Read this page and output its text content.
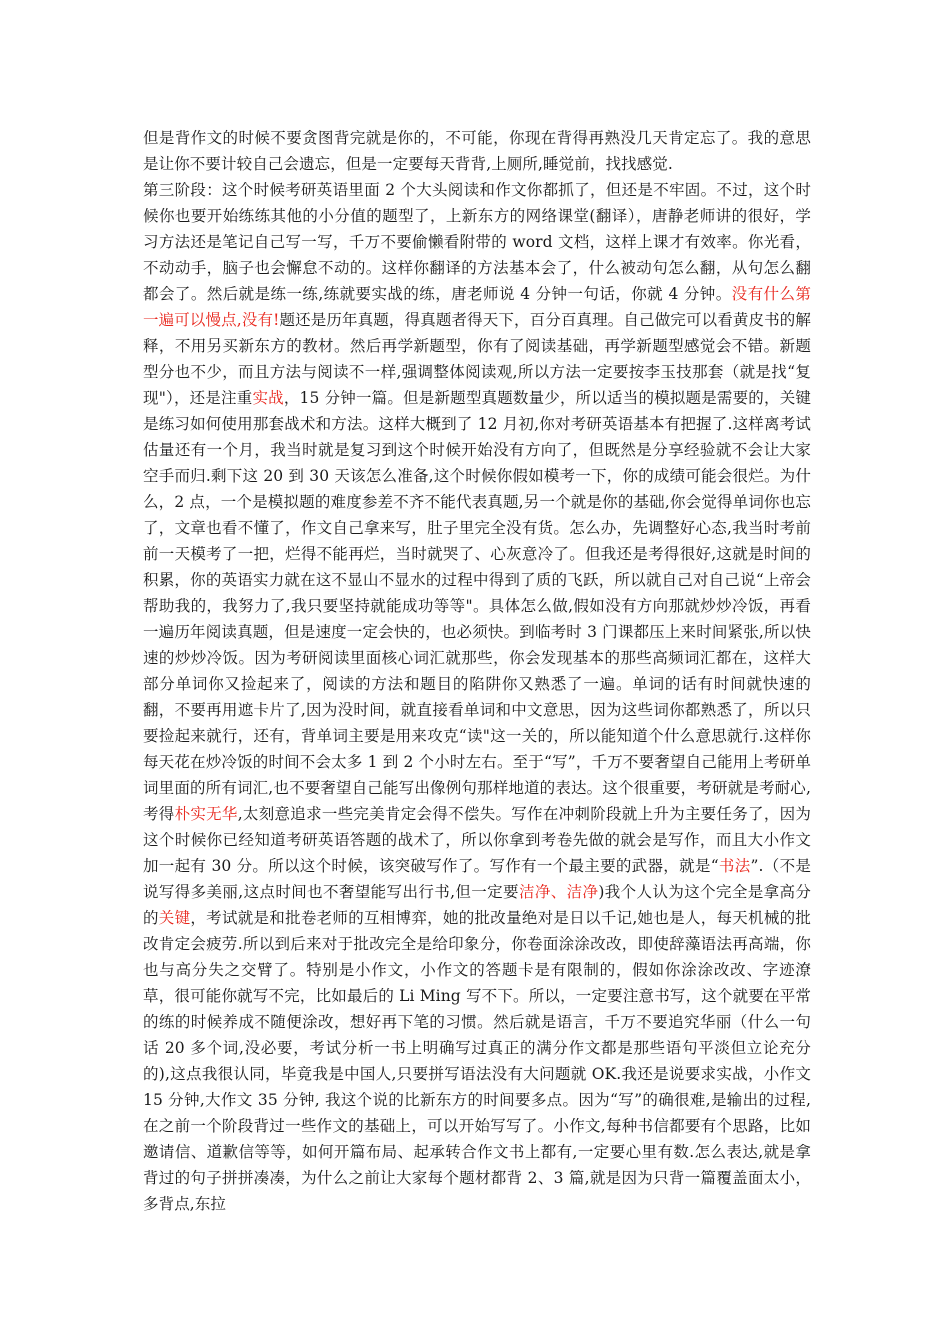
但是背作文的时候不要贪图背完就是你的，不可能，你现在背得再熟没几天肯定忘了。我的意思是让你不要计较自己会遗忘，但是一定要每天背背,上厕所,睡觉前，找找感觉.

第三阶段：这个时候考研英语里面 2 个大头阅读和作文你都抓了，但还是不牢固。不过，这个时候你也要开始练练其他的小分值的题型了，上新东方的网络课堂(翻译），唐静老师讲的很好，学习方法还是笔记自己写一写，千万不要偷懒看附带的 word 文档，这样上课才有效率。你光看，不动动手，脑子也会懈怠不动的。这样你翻译的方法基本会了，什么被动句怎么翻，从句怎么翻都会了。然后就是练一练,练就要实战的练，唐老师说 4 分钟一句话，你就 4 分钟。没有什么第一遍可以慢点,没有!题还是历年真题，得真题者得天下，百分百真理。自己做完可以看黄皮书的解释，不用另买新东方的教材。然后再学新题型，你有了阅读基础，再学新题型感觉会不错。新题型分也不少，而且方法与阅读不一样,强调整体阅读观,所以方法一定要按李玉技那套（就是找“复现"），还是注重实战，15 分钟一篇。但是新题型真题数量少，所以适当的模拟题是需要的，关键是练习如何使用那套战术和方法。这样大概到了 12 月初,你对考研英语基本有把握了.这样离考试估量还有一个月，我当时就是复习到这个时候开始没有方向了，但既然是分享经验就不会让大家空手而归.剩下这 20 到 30 天该怎么准备,这个时候你假如模考一下，你的成绩可能会很烂。为什么，2 点，一个是模拟题的难度参差不齐不能代表真题,另一个就是你的基础,你会觉得单词你也忘了，文章也看不懂了，作文自己拿来写，肚子里完全没有货。怎么办，先调整好心态,我当时考前前一天模考了一把，烂得不能再烂，当时就哭了、心灰意冷了。但我还是考得很好,这就是时间的积累，你的英语实力就在这不显山不显水的过程中得到了质的飞跃，所以就自己对自己说“上帝会帮助我的，我努力了,我只要坚持就能成功等等"。具体怎么做,假如没有方向那就炒炒冷饭，再看一遍历年阅读真题，但是速度一定会快的，也必须快。到临考时 3 门课都压上来时间紧张,所以快速的炒炒冷饭。因为考研阅读里面核心词汇就那些，你会发现基本的那些高频词汇都在，这样大部分单词你又捡起来了，阅读的方法和题目的陷阱你又熟悉了一遍。单词的话有时间就快速的翻，不要再用遮卡片了,因为没时间，就直接看单词和中文意思，因为这些词你都熟悉了，所以只要捡起来就行，还有，背单词主要是用来攻克“读"这一关的，所以能知道个什么意思就行.这样你每天花在炒冷饭的时间不会太多 1 到 2 个小时左右。至于“写”，千万不要奢望自己能用上考研单词里面的所有词汇,也不要奢望自己能写出像例句那样地道的表达。这个很重要，考研就是考耐心,考得朴实无华,太刻意追求一些完美肯定会得不偿失。写作在冲刺阶段就上升为主要任务了，因为这个时候你已经知道考研英语答题的战术了，所以你拿到考卷先做的就会是写作，而且大小作文加一起有 30 分。所以这个时候，该突破写作了。写作有一个最主要的武器，就是“书法”.（不是说写得多美丽,这点时间也不奢望能写出行书,但一定要洁净、洁净)我个人认为这个完全是拿高分的关键，考试就是和批卷老师的互相博弈，她的批改量绝对是日以千记,她也是人，每天机械的批改肯定会疲劳.所以到后来对于批改完全是给印象分，你卷面涂涂改改，即使辞藻语法再高端，你也与高分失之交臂了。特别是小作文，小作文的答题卡是有限制的，假如你涂涂改改、字迹潦草，很可能你就写不完，比如最后的 Li Ming 写不下。所以，一定要注意书写，这个就要在平常的练的时候养成不随便涂改，想好再下笔的习惯。然后就是语言，千万不要追究华丽（什么一句话 20 多个词,没必要，考试分析一书上明确写过真正的满分作文都是那些语句平淡但立论充分的),这点我很认同，毕竟我是中国人,只要拼写语法没有大问题就 OK.我还是说要求实战，小作文 15 分钟,大作文 35 分钟, 我这个说的比新东方的时间要多点。因为“写”的确很难,是输出的过程,在之前一个阶段背过一些作文的基础上，可以开始写写了。小作文,每种书信都要有个思路，比如邀请信、道歉信等等，如何开篇布局、起承转合作文书上都有,一定要心里有数.怎么表达,就是拿背过的句子拼拼凑凑，为什么之前让大家每个题材都背 2、3 篇,就是因为只背一篇覆盖面太小，多背点,东拉
